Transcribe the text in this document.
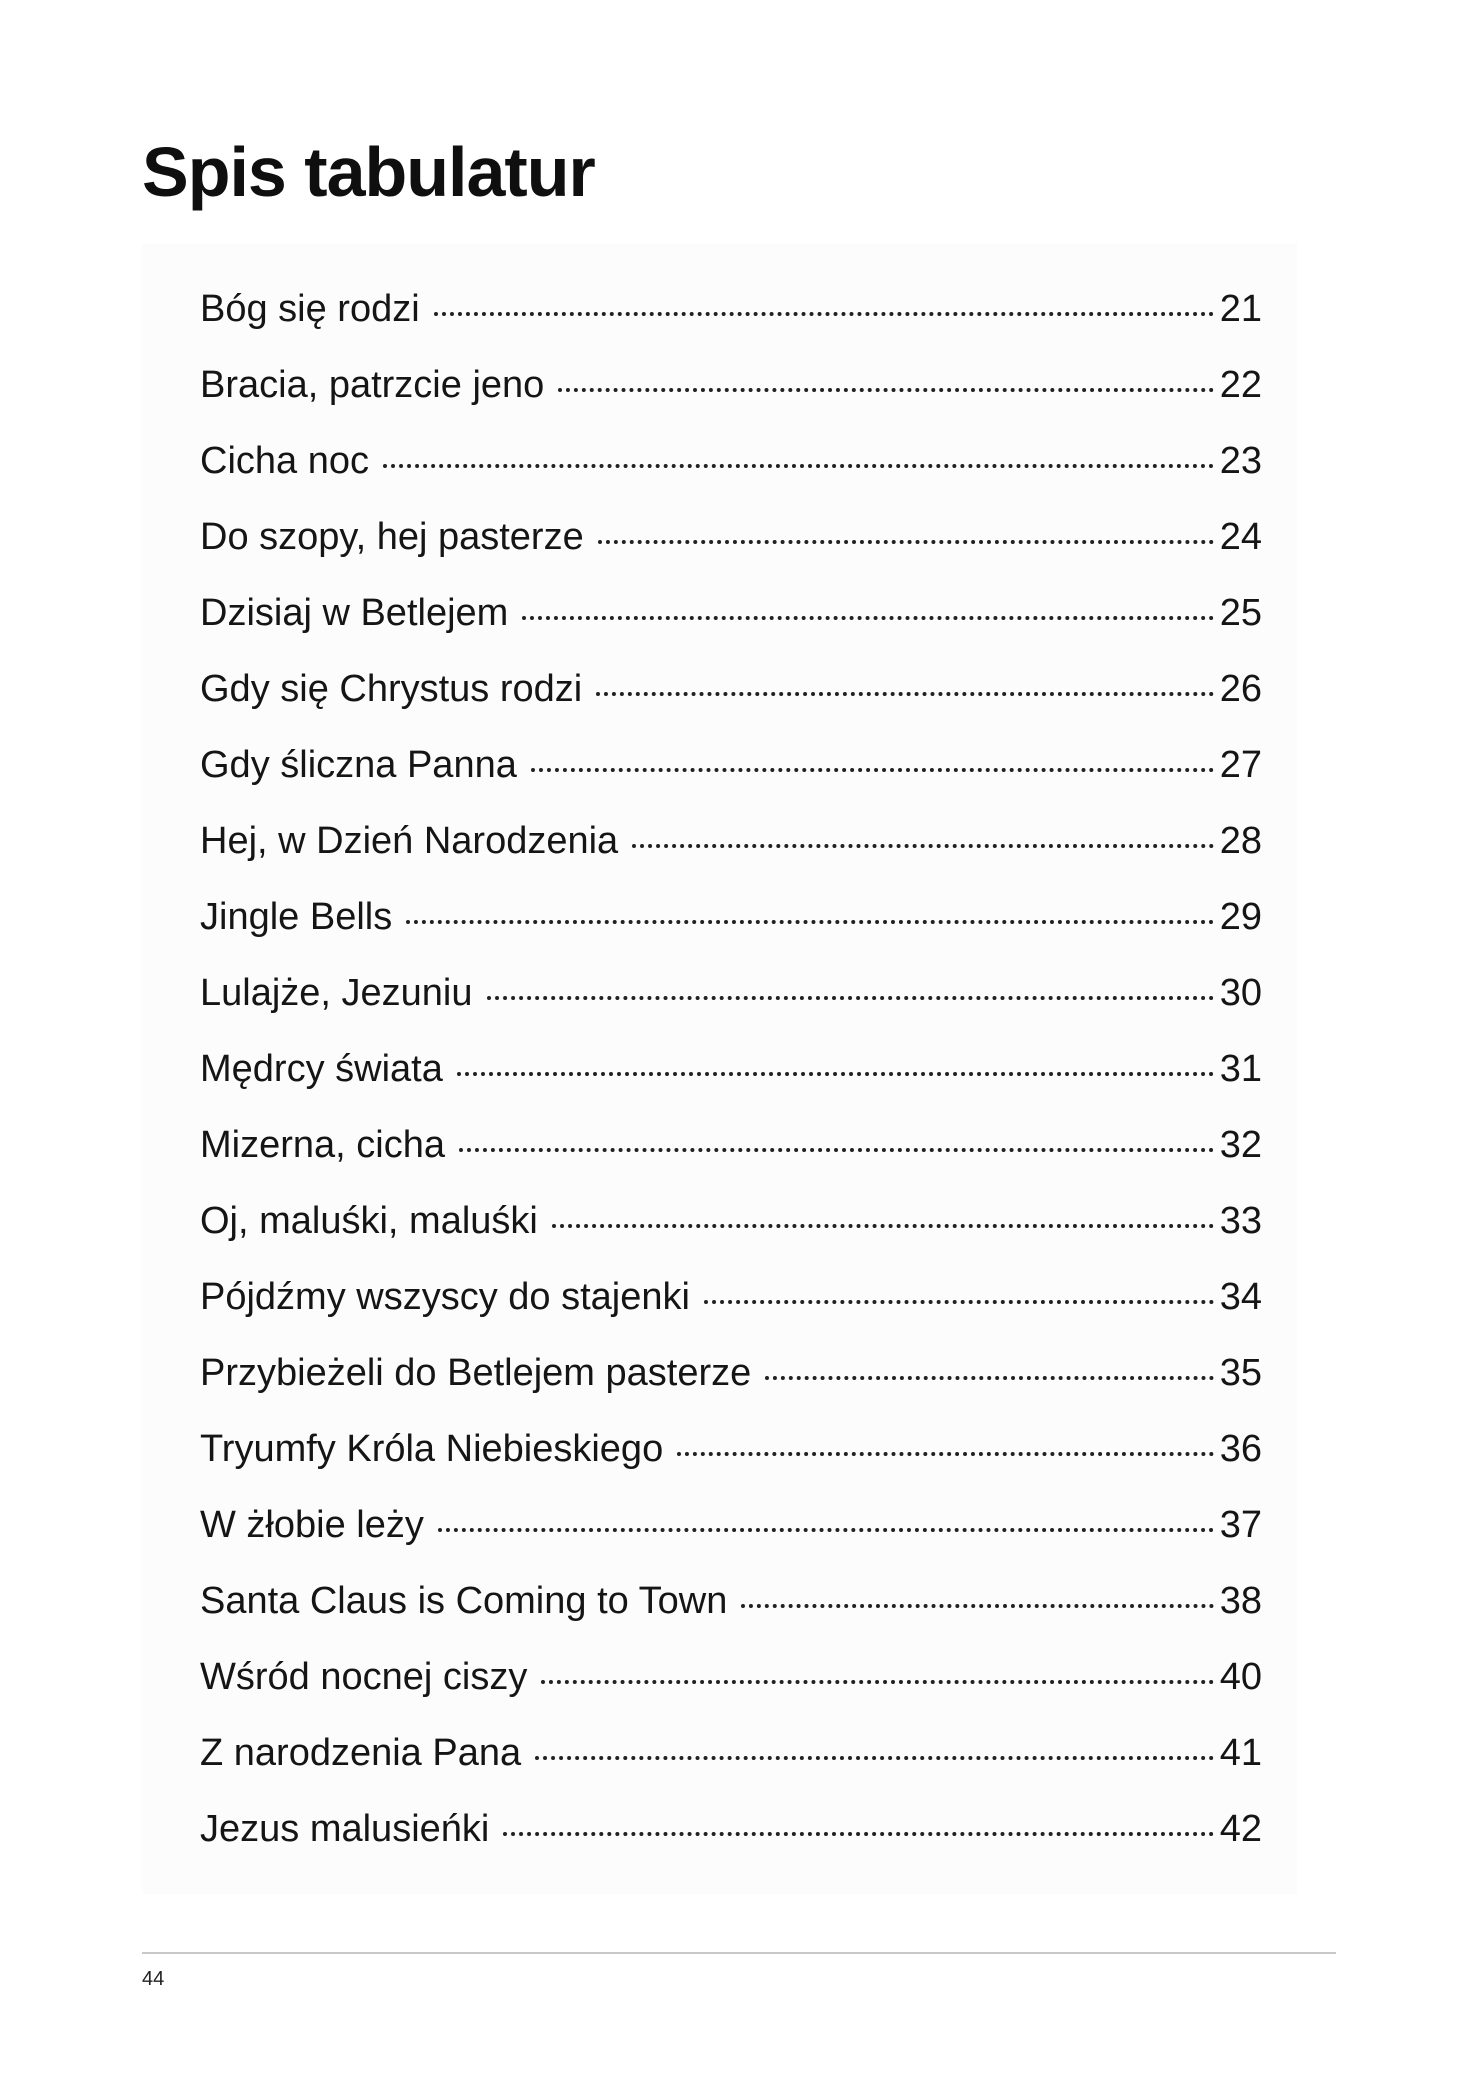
Spis tabulatur
Bóg się rodzi	21
Bracia, patrzcie jeno	22
Cicha noc	23
Do szopy, hej pasterze	24
Dzisiaj w Betlejem	25
Gdy się Chrystus rodzi	26
Gdy śliczna Panna	27
Hej, w Dzień Narodzenia	28
Jingle Bells	29
Lulajże, Jezuniu	30
Mędrcy świata	31
Mizerna, cicha	32
Oj, maluśki, maluśki	33
Pójdźmy wszyscy do stajenki	34
Przybieżeli do Betlejem pasterze	35
Tryumfy Króla Niebieskiego	36
W żłobie leży	37
Santa Claus is Coming to Town	38
Wśród nocnej ciszy	40
Z narodzenia Pana	41
Jezus malusieńki	42
44
